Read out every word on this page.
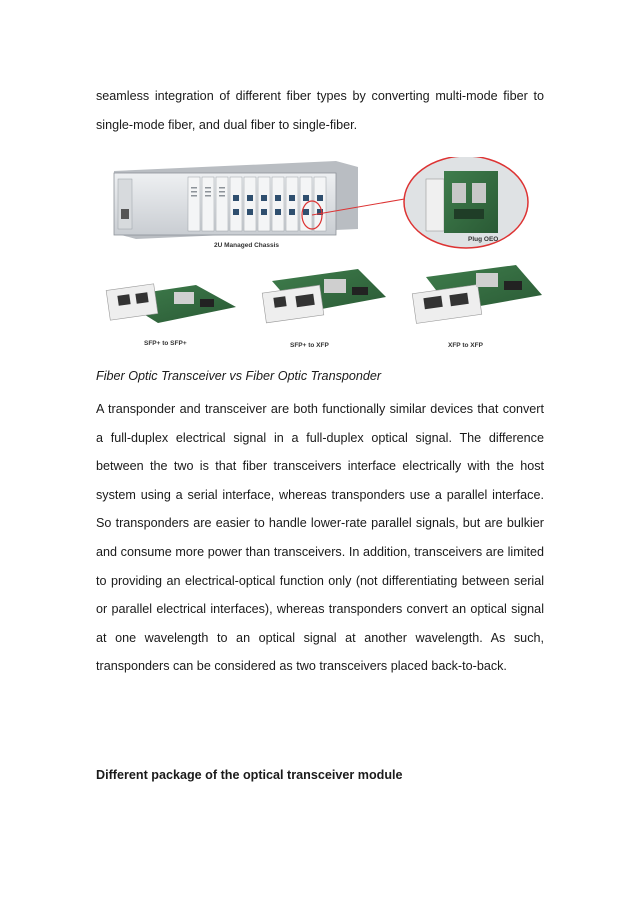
seamless integration of different fiber types by converting multi-mode fiber to single-mode fiber, and dual fiber to single-fiber.

2U Managed Chassis
Plug OEO
SFP+ to SFP+	SFP+ to XFP	XFP to XFP

Fiber Optic Transceiver vs Fiber Optic Transponder

A transponder and transceiver are both functionally similar devices that convert a full-duplex electrical signal in a full-duplex optical signal. The difference between the two is that fiber transceivers interface electrically with the host system using a serial interface, whereas transponders use a parallel interface. So transponders are easier to handle lower-rate parallel signals, but are bulkier and consume more power than transceivers. In addition, transceivers are limited to providing an electrical-optical function only (not differentiating between serial or parallel electrical interfaces), whereas transponders convert an optical signal at one wavelength to an optical signal at another wavelength. As such, transponders can be considered as two transceivers placed back-to-back.

Different package of the optical transceiver module
